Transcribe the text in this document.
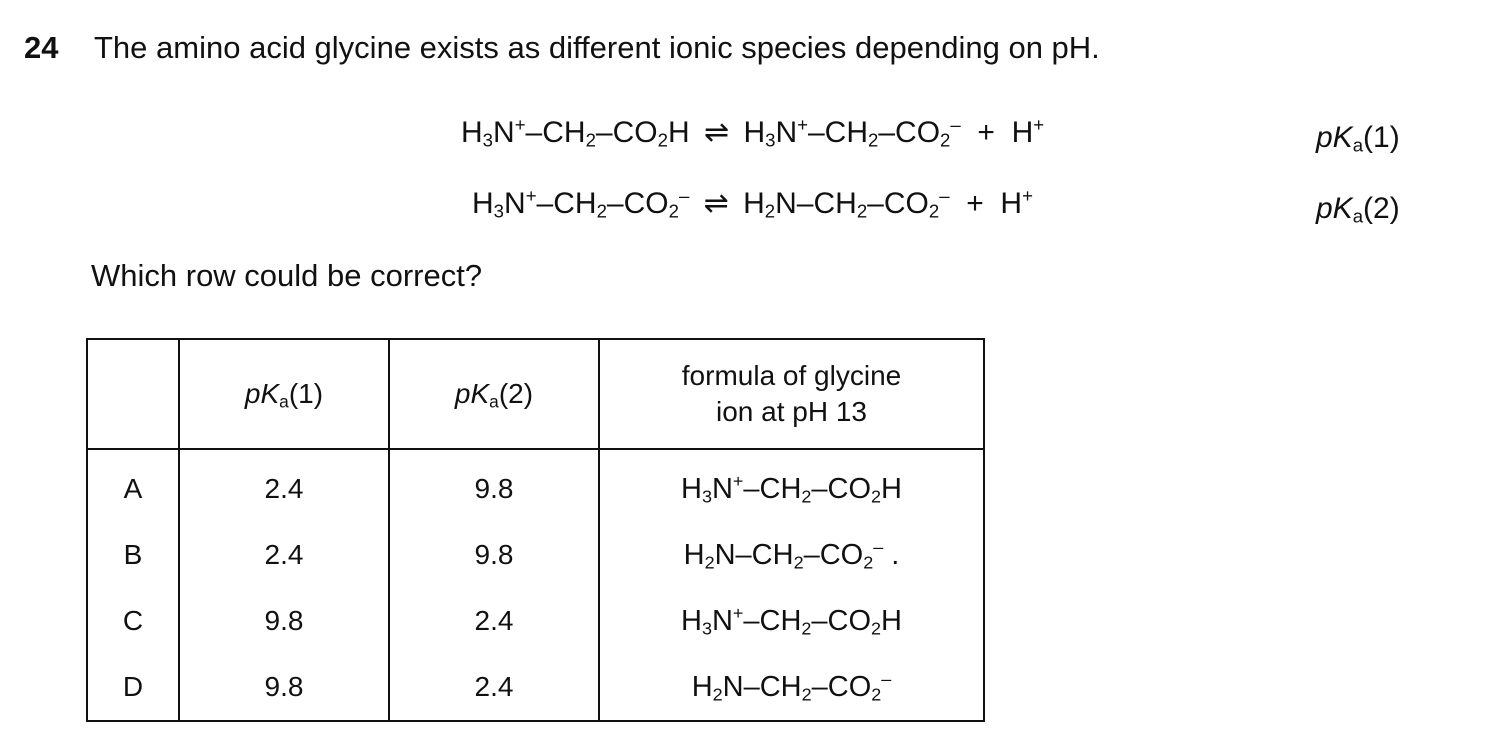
24 The amino acid glycine exists as different ionic species depending on pH.
$H_3N^+-CH_2-CO_2H$ ⇌ $H_3N^+-CH_2-CO_2^- + H^+$	$pK_a(1)$
$H_3N^+-CH_2-CO_2^-$ ⇌ $H_2N-CH_2-CO_2^- + H^+$	$pK_a(2)$
Which row could be correct?
	$pK_a(1)$	$pK_a(2)$	formula of glycine
ion at pH 13
A	2.4	9.8	$H_3N^+-CH_2-CO_2H$
B	2.4	9.8	$H_2N-CH_2-CO_2^-$ .
C	9.8	2.4	$H_3N^+-CH_2-CO_2H$
D	9.8	2.4	$H_2N-CH_2-CO_2^-$
